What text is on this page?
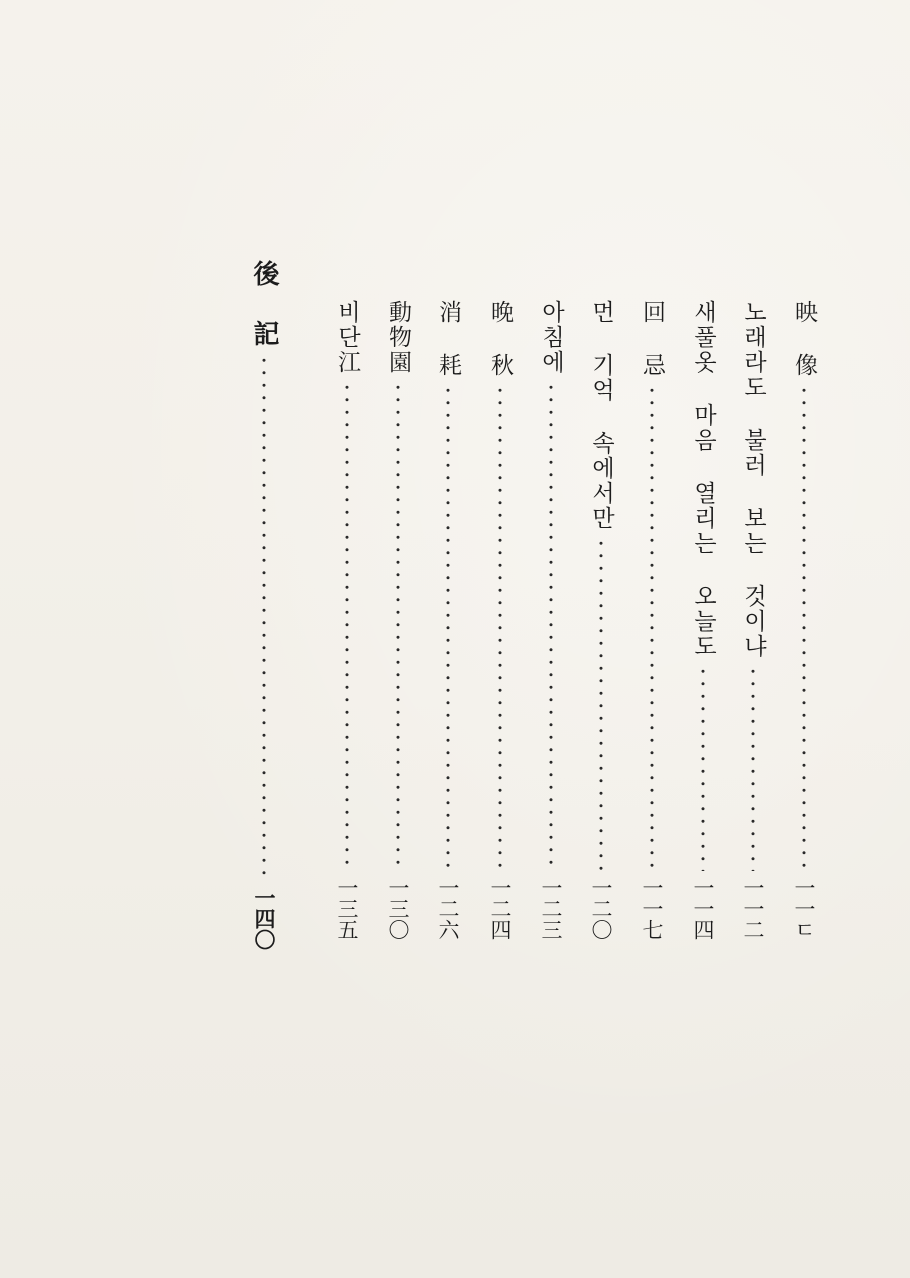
映 像
一一ㄷ
노래라도 불러 보는 것이냐
一一二
새풀옷 마음 열리는 오늘도
一一四
回 忌
一一七
먼 기억 속에서만
一二〇
아침에
一二三
晚 秋
一二四
消 耗
一二六
動物園
一三〇
비단江
一三五
後 記
一四〇
